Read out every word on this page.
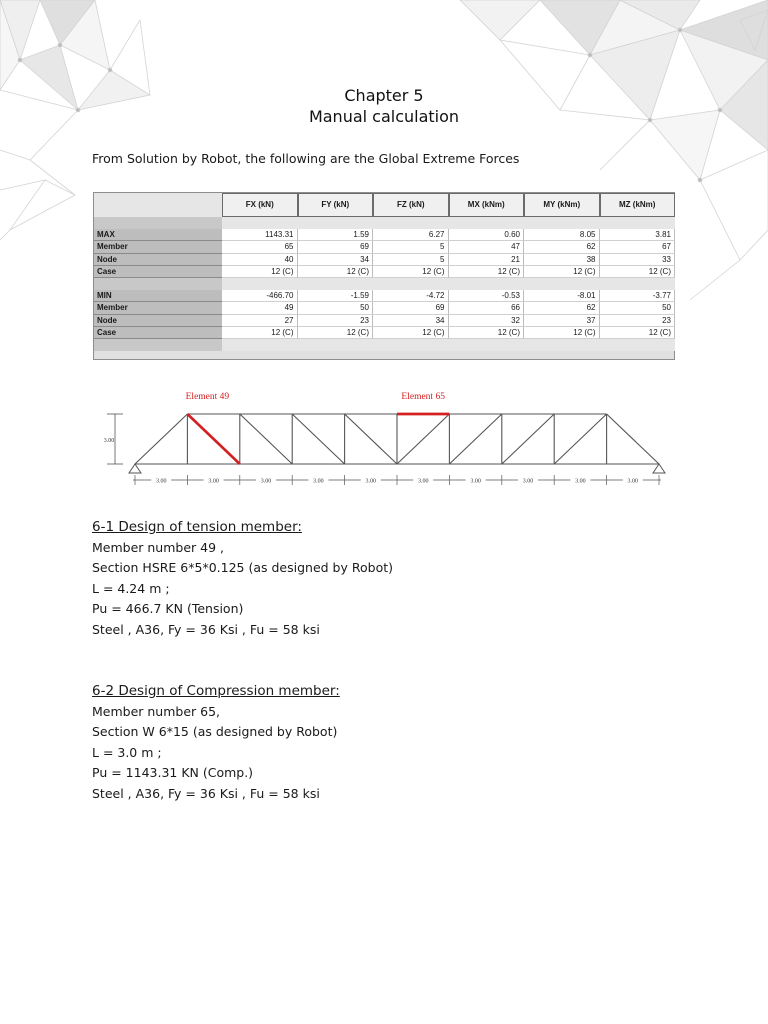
Chapter 5
Manual calculation
From Solution by Robot, the following are the Global Extreme Forces
FX (kN)	FY (kN)	FZ (kN)	MX (kNm)	MY (kNm)	MZ (kNm)
MAX	1143.31	1.59	6.27	0.60	8.05	3.81
Member	65	69	5	47	62	67
Node	40	34	5	21	38	33
Case	12 (C)	12 (C)	12 (C)	12 (C)	12 (C)	12 (C)
MIN	-466.70	-1.59	-4.72	-0.53	-8.01	-3.77
Member	49	50	69	66	62	50
Node	27	23	34	32	37	23
Case	12 (C)	12 (C)	12 (C)	12 (C)	12 (C)	12 (C)
Element 49	Element 65
3.00
3.00	3.00	3.00	3.00	3.00	3.00	3.00	3.00	3.00	3.00
6-1 Design of tension member:
Member number 49 ,
Section HSRE 6*5*0.125 (as designed by Robot)
L = 4.24 m ;
Pu = 466.7 KN (Tension)
Steel , A36, Fy = 36 Ksi , Fu = 58 ksi
6-2 Design of Compression member:
Member number 65,
Section W 6*15 (as designed by Robot)
L = 3.0 m ;
Pu = 1143.31 KN (Comp.)
Steel , A36, Fy = 36 Ksi , Fu = 58 ksi
